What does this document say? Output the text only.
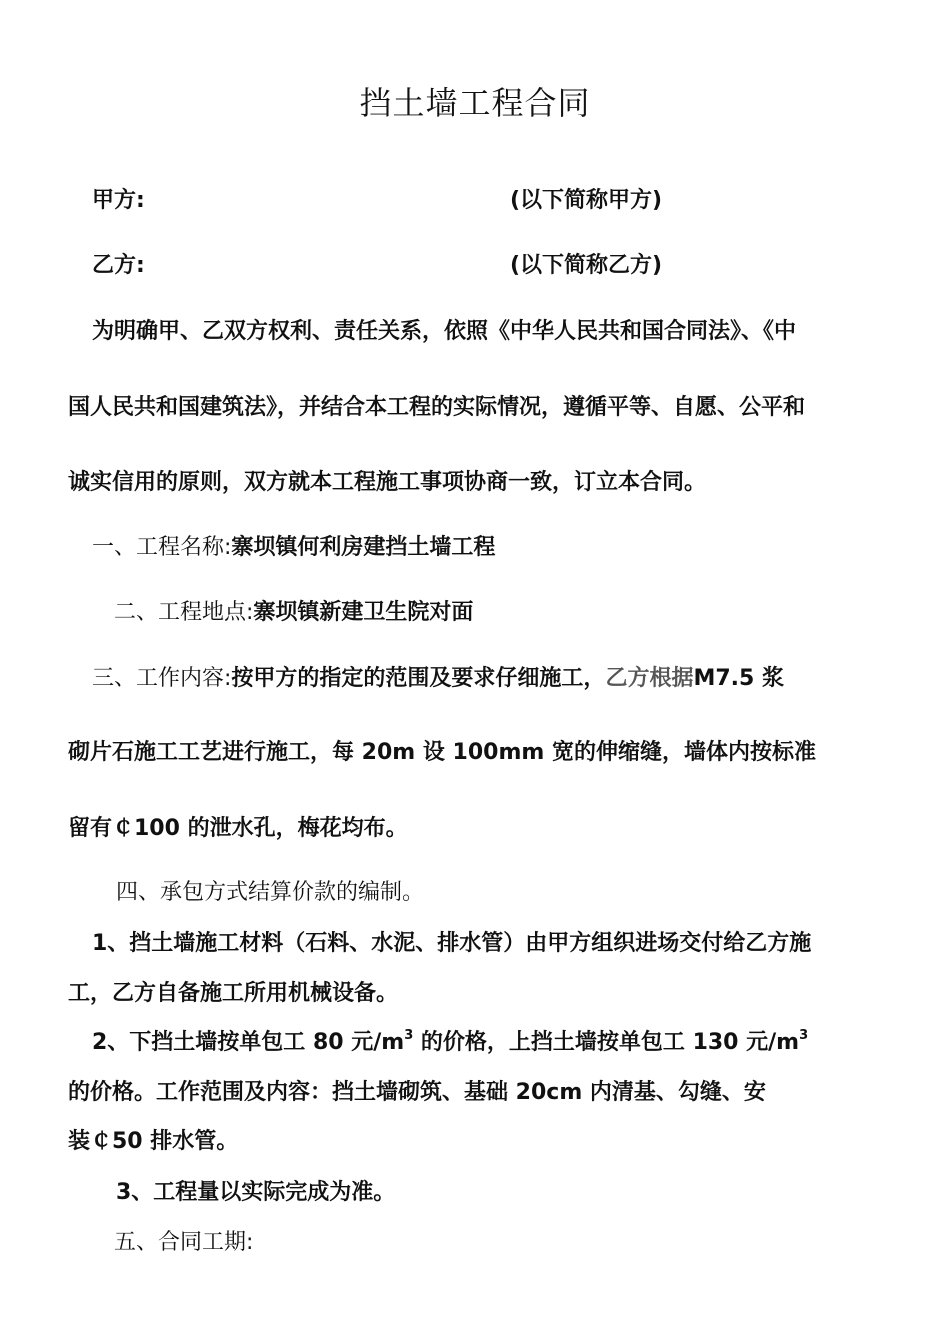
挡土墙工程合同
甲方:	(以下简称甲方)
乙方:	(以下简称乙方)
为明确甲、乙双方权利、责任关系，依照《中华人民共和国合同法》、《中
国人民共和国建筑法》，并结合本工程的实际情况，遵循平等、自愿、公平和
诚实信用的原则，双方就本工程施工事项协商一致，订立本合同。
一、工程名称:寨坝镇何利房建挡土墙工程
二、工程地点:寨坝镇新建卫生院对面
三、工作内容:按甲方的指定的范围及要求仔细施工，乙方根据M7.5 浆
砌片石施工工艺进行施工，每 20m 设 100mm 宽的伸缩缝，墙体内按标准
留有￠100 的泄水孔，梅花均布。
四、承包方式结算价款的编制。
1、挡土墙施工材料（石料、水泥、排水管）由甲方组织进场交付给乙方施
工，乙方自备施工所用机械设备。
2、下挡土墙按单包工 80 元$/m^3$ 的价格，上挡土墙按单包工 130 元$/m^3$
的价格。工作范围及内容：挡土墙砌筑、基础 20cm 内清基、勾缝、安
装￠50 排水管。
3、工程量以实际完成为准。
五、合同工期:
